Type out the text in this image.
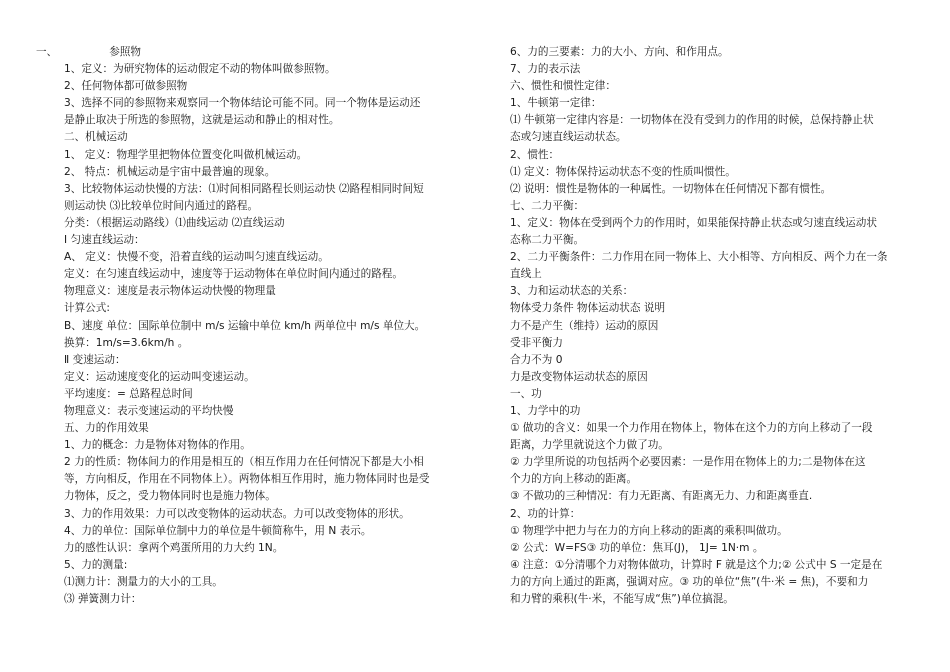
一、	参照物
1、定义：为研究物体的运动假定不动的物体叫做参照物。
2、任何物体都可做参照物
3、选择不同的参照物来观察同一个物体结论可能不同。同一个物体是运动还
是静止取决于所选的参照物，这就是运动和静止的相对性。
二、机械运动
1、 定义：物理学里把物体位置变化叫做机械运动。
2、 特点：机械运动是宇宙中最普遍的现象。
3、比较物体运动快慢的方法：⑴时间相同路程长则运动快 ⑵路程相同时间短
则运动快 ⑶比较单位时间内通过的路程。
分类：（根据运动路线）⑴曲线运动 ⑵直线运动
Ⅰ 匀速直线运动：
A、 定义：快慢不变，沿着直线的运动叫匀速直线运动。
定义：在匀速直线运动中，速度等于运动物体在单位时间内通过的路程。
物理意义：速度是表示物体运动快慢的物理量
计算公式:
B、速度 单位：国际单位制中 m/s 运输中单位 km/h 两单位中 m/s 单位大。
换算：1m/s=3.6km/h 。
Ⅱ 变速运动：
定义：运动速度变化的运动叫变速运动。
平均速度：= 总路程总时间
物理意义：表示变速运动的平均快慢
五、力的作用效果
1、力的概念：力是物体对物体的作用。
2 力的性质：物体间力的作用是相互的（相互作用力在任何情况下都是大小相
等，方向相反，作用在不同物体上）。两物体相互作用时，施力物体同时也是受
力物体，反之，受力物体同时也是施力物体。
3、力的作用效果：力可以改变物体的运动状态。力可以改变物体的形状。
4、力的单位：国际单位制中力的单位是牛顿简称牛，用 N 表示。
力的感性认识：拿两个鸡蛋所用的力大约 1N。
5、力的测量:
⑴测力计：测量力的大小的工具。
⑶ 弹簧测力计：
6、力的三要素：力的大小、方向、和作用点。
7、力的表示法
六、惯性和惯性定律：
1、牛顿第一定律：
⑴ 牛顿第一定律内容是：一切物体在没有受到力的作用的时候，总保持静止状
态或匀速直线运动状态。
2、惯性：
⑴ 定义：物体保持运动状态不变的性质叫惯性。
⑵ 说明：惯性是物体的一种属性。一切物体在任何情况下都有惯性。
七、二力平衡：
1、定义：物体在受到两个力的作用时，如果能保持静止状态或匀速直线运动状
态称二力平衡。
2、二力平衡条件：二力作用在同一物体上、大小相等、方向相反、两个力在一条
直线上
3、力和运动状态的关系：
物体受力条件 物体运动状态 说明
力不是产生（维持）运动的原因
受非平衡力
合力不为 0
力是改变物体运动状态的原因
一、功
1、力学中的功
① 做功的含义：如果一个力作用在物体上，物体在这个力的方向上移动了一段
距离，力学里就说这个力做了功。
② 力学里所说的功包括两个必要因素：一是作用在物体上的力;二是物体在这
个力的方向上移动的距离。
③ 不做功的三种情况：有力无距离、有距离无力、力和距离垂直.
2、功的计算：
① 物理学中把力与在力的方向上移动的距离的乘积叫做功。
② 公式：W=FS③ 功的单位：焦耳(J)， 1J= 1N·m 。
④ 注意：①分清哪个力对物体做功，计算时 F 就是这个力;② 公式中 S 一定是在
力的方向上通过的距离，强调对应。③ 功的单位“焦”(牛·米 = 焦)，不要和力
和力臂的乘积(牛·米，不能写成“焦”)单位搞混。
